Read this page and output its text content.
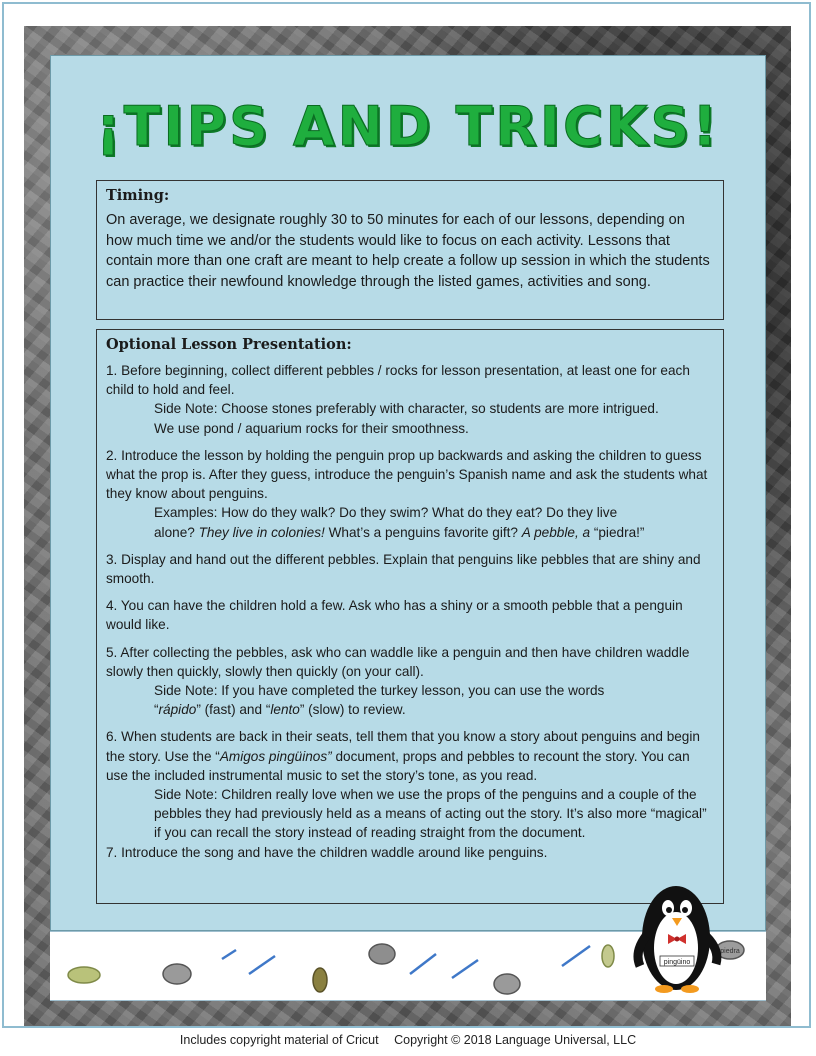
¡TIPS AND TRICKS!

Timing:

On average, we designate roughly 30 to 50 minutes for each of our lessons, depending on how much time we and/or the students would like to focus on each activity. Lessons that contain more than one craft are meant to help create a follow up session in which the students can practice their newfound knowledge through the listed games, activities and song.

Optional Lesson Presentation:

1. Before beginning, collect different pebbles / rocks for lesson presentation, at least one for each child to hold and feel.

Side Note: Choose stones preferably with character, so students are more intrigued.

We use pond / aquarium rocks for their smoothness.

2. Introduce the lesson by holding the penguin prop up backwards and asking the children to guess what the prop is. After they guess, introduce the penguin’s Spanish name and ask the students what they know about penguins.

Examples: How do they walk? Do they swim? What do they eat? Do they live

alone? They live in colonies! What’s a penguins favorite gift? A pebble, a “piedra!”

3. Display and hand out the different pebbles. Explain that penguins like pebbles that are shiny and smooth.

4. You can have the children hold a few. Ask who has a shiny or a smooth pebble that a penguin would like.

5. After collecting the pebbles, ask who can waddle like a penguin and then have children waddle slowly then quickly, slowly then quickly (on your call).

Side Note: If you have completed the turkey lesson, you can use the words

“rápido” (fast) and “lento” (slow) to review.

6. When students are back in their seats, tell them that you know a story about penguins and begin the story. Use the “Amigos pingüinos” document, props and pebbles to recount the story. You can use the included instrumental music to set the story’s tone, as you read.
Side Note: Children really love when we use the props of the penguins and a couple of the pebbles they had previously held as a means of acting out the story. It’s also more “magical” if you can recall the story instead of reading straight from the document.

7. Introduce the song and have the children waddle around like penguins.

piedra
pingüino
Includes copyright material of Cricut Copyright © 2018 Language Universal, LLC
